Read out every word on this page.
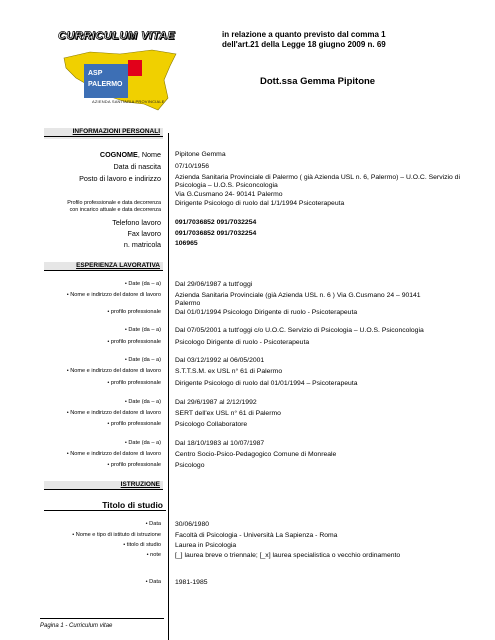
CURRICULUM VITAE
ASP
PALERMO
AZIENDA SANITARIA PROVINCIALE
in relazione a quanto previsto dal comma 1
dell'art.21 della Legge 18 giugno 2009 n. 69
Dott.ssa Gemma Pipitone
INFORMAZIONI PERSONALI
COGNOME, Nome Pipitone Gemma
Data di nascita 07/10/1956
Posto di lavoro e indirizzo Azienda Sanitaria Provinciale di Palermo ( già Azienda USL n. 6, Palermo) – U.O.C. Servizio di Psicologia – U.O.S. Psiconcologia
Via G.Cusmano 24- 90141 Palermo
Profilo professionale e data decorrenza
con incarico attuale e data decorrenza
Dirigente Psicologo di ruolo dal 1/1/1994 Psicoterapeuta
Telefono lavoro 091/7036852 091/7032254
Fax lavoro 091/7036852 091/7032254
n. matricola 106965
ESPERIENZA LAVORATIVA
• Date (da – a) Dal 29/06/1987 a tutt'oggi
• Nome e indirizzo del datore di lavoro Azienda Sanitaria Provinciale (già Azienda USL n. 6 ) Via G.Cusmano 24 – 90141
Palermo
• profilo professionale Dal 01/01/1994 Psicologo Dirigente di ruolo - Psicoterapeuta
• Date (da – a) Dal 07/05/2001 a tutt'oggi c/o U.O.C. Servizio di Psicologia – U.O.S. Psiconcologia
• profilo professionale Psicologo Dirigente di ruolo - Psicoterapeuta
• Date (da – a) Dal 03/12/1992 al 06/05/2001
• Nome e indirizzo del datore di lavoro S.T.T.S.M. ex USL n° 61 di Palermo
• profilo professionale Dirigente Psicologo di ruolo dal 01/01/1994 – Psicoterapeuta
• Date (da – a) Dal 29/6/1987 al 2/12/1992
• Nome e indirizzo del datore di lavoro SERT dell'ex USL n° 61 di Palermo
• profilo professionale Psicologo Collaboratore
• Date (da – a) Dal 18/10/1983 al 10/07/1987
• Nome e indirizzo del datore di lavoro Centro Socio-Psico-Pedagogico Comune di Monreale
• profilo professionale Psicologo
ISTRUZIONE
Titolo di studio
• Data 30/06/1980
• Nome e tipo di istituto di istruzione Facoltà di Psicologia - Università La Sapienza - Roma
• titolo di studio Laurea in Psicologia
• note [_] laurea breve o triennale; [_x] laurea specialistica o vecchio ordinamento
• Data 1981-1985
Pagina 1 - Curriculum vitae
